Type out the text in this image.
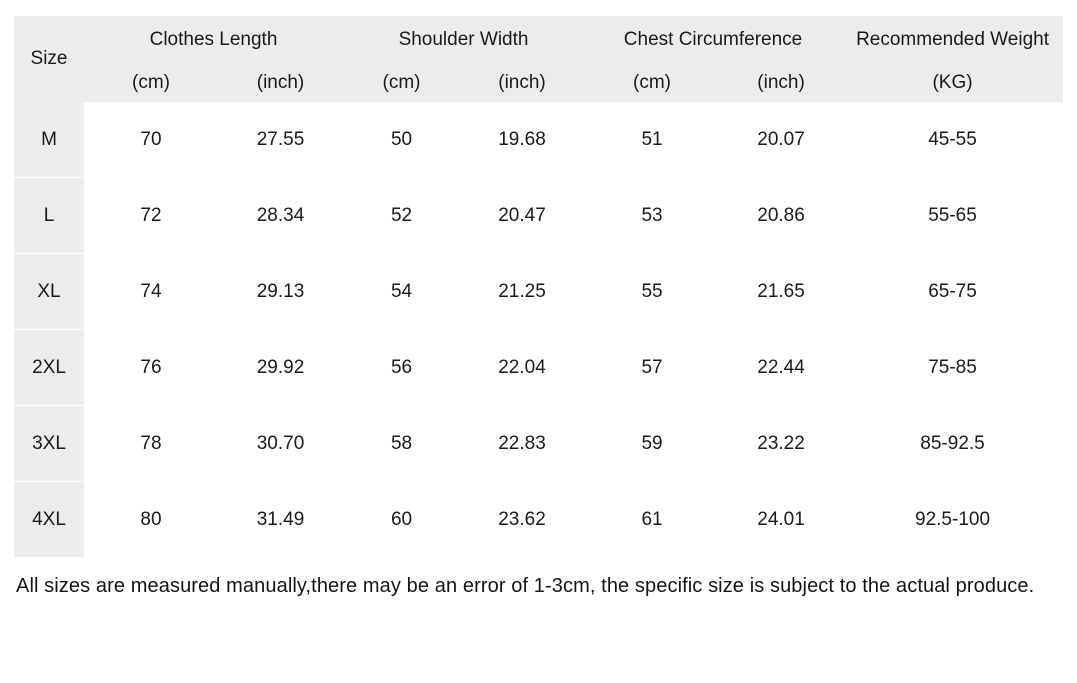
Size	Clothes Length		Shoulder Width		Chest Circumference		Recommended Weight
	(cm)	(inch)	(cm)	(inch)	(cm)	(inch)	(KG)
M	70	27.55	50	19.68	51	20.07	45-55
L	72	28.34	52	20.47	53	20.86	55-65
XL	74	29.13	54	21.25	55	21.65	65-75
2XL	76	29.92	56	22.04	57	22.44	75-85
3XL	78	30.70	58	22.83	59	23.22	85-92.5
4XL	80	31.49	60	23.62	61	24.01	92.5-100
All sizes are measured manually,there may be an error of 1-3cm, the specific size is subject to the actual produce.
